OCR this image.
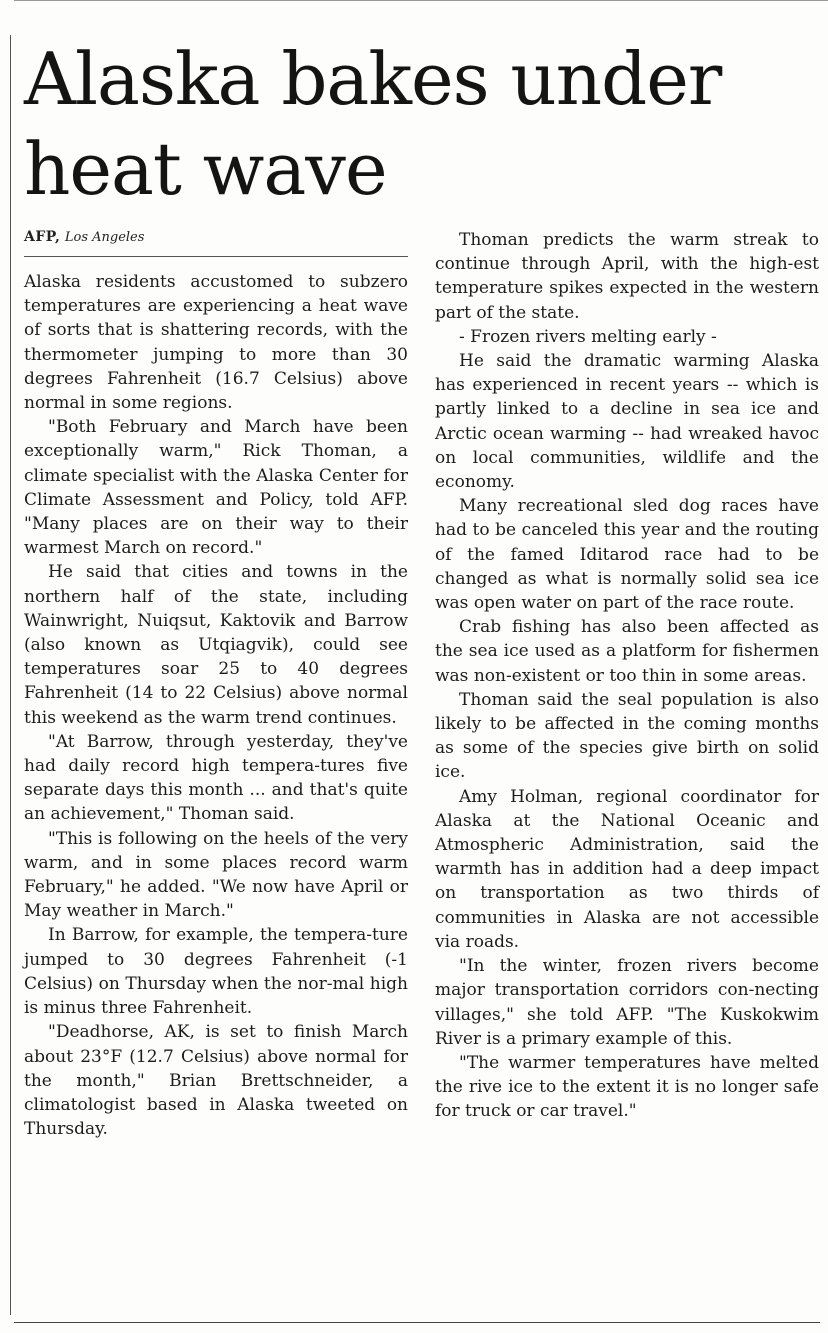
Alaska bakes under heat wave
AFP, Los Angeles

Alaska residents accustomed to subzero temperatures are experiencing a heat wave of sorts that is shattering records, with the thermometer jumping to more than 30 degrees Fahrenheit (16.7 Celsius) above normal in some regions.

"Both February and March have been exceptionally warm," Rick Thoman, a climate specialist with the Alaska Center for Climate Assessment and Policy, told AFP. "Many places are on their way to their warmest March on record."

He said that cities and towns in the northern half of the state, including Wainwright, Nuiqsut, Kaktovik and Barrow (also known as Utqiagvik), could see temperatures soar 25 to 40 degrees Fahrenheit (14 to 22 Celsius) above normal this weekend as the warm trend continues.

"At Barrow, through yesterday, they've had daily record high tempera-tures five separate days this month ... and that's quite an achievement," Thoman said.

"This is following on the heels of the very warm, and in some places record warm February," he added. "We now have April or May weather in March."

In Barrow, for example, the tempera-ture jumped to 30 degrees Fahrenheit (-1 Celsius) on Thursday when the nor-mal high is minus three Fahrenheit.

"Deadhorse, AK, is set to finish March about 23°F (12.7 Celsius) above normal for the month," Brian Brettschneider, a climatologist based in Alaska tweeted on Thursday.

Thoman predicts the warm streak to continue through April, with the high-est temperature spikes expected in the western part of the state.

- Frozen rivers melting early -

He said the dramatic warming Alaska has experienced in recent years -- which is partly linked to a decline in sea ice and Arctic ocean warming -- had wreaked havoc on local communities, wildlife and the economy.

Many recreational sled dog races have had to be canceled this year and the routing of the famed Iditarod race had to be changed as what is normally solid sea ice was open water on part of the race route.

Crab fishing has also been affected as the sea ice used as a platform for fishermen was non-existent or too thin in some areas.

Thoman said the seal population is also likely to be affected in the coming months as some of the species give birth on solid ice.

Amy Holman, regional coordinator for Alaska at the National Oceanic and Atmospheric Administration, said the warmth has in addition had a deep impact on transportation as two thirds of communities in Alaska are not accessible via roads.

"In the winter, frozen rivers become major transportation corridors con-necting villages," she told AFP. "The Kuskokwim River is a primary example of this.

"The warmer temperatures have melted the rive ice to the extent it is no longer safe for truck or car travel."
